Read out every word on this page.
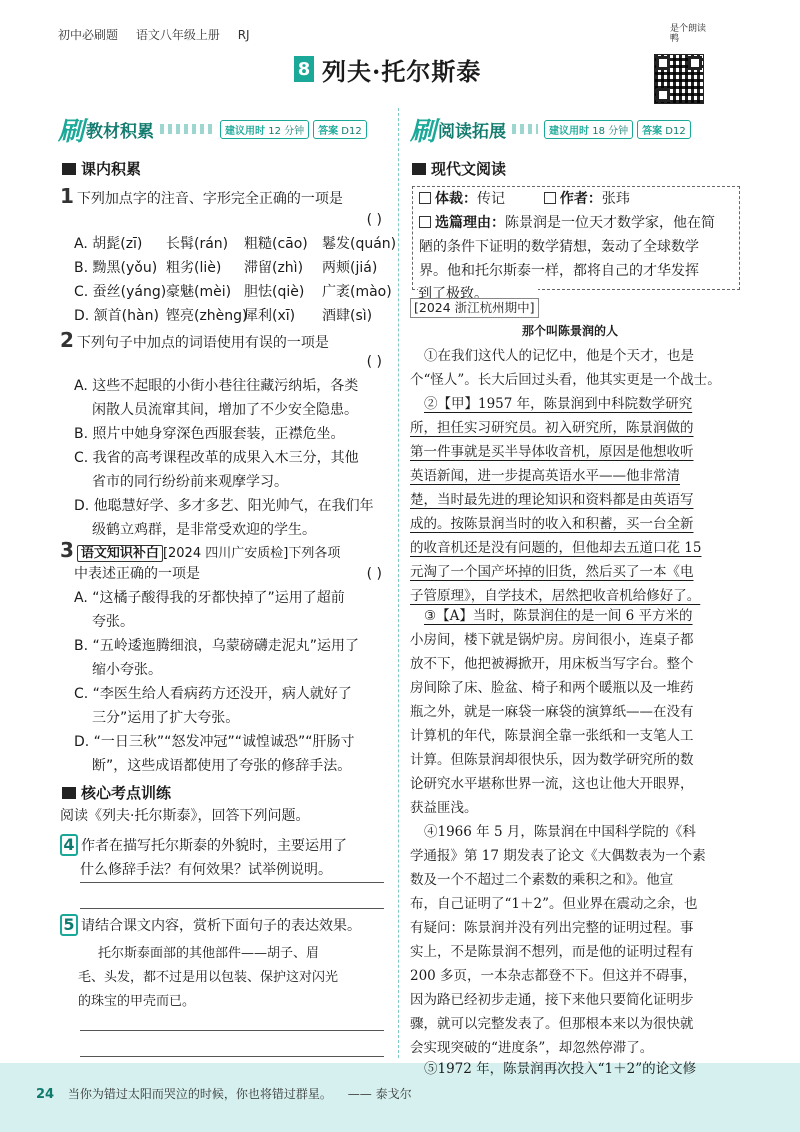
初中必刷题 语文八年级上册 RJ
8 列夫·托尔斯泰
是个朗读鸭
刷 教材积累	建议用时 12 分钟	答案 D12
课内积累
1 下列加点字的注音、字形完全正确的一项是
( )
A. 胡髭(zī) 长髯(rán) 粗糙(cāo) 鬈发(quán)
B. 黝黑(yǒu) 粗劣(liè) 滞留(zhì) 两颊(jiá)
C. 蚕丝(yáng)豪魅(mèi) 胆怯(qiè) 广袤(mào)
D. 颔首(hàn) 铿亮(zhèng)犀利(xī) 酒肆(sì)
2 下列句子中加点的词语使用有误的一项是
( )
A. 这些不起眼的小街小巷往往藏污纳垢，各类
闲散人员流窜其间，增加了不少安全隐患。
B. 照片中她身穿深色西服套装，正襟危坐。
C. 我省的高考课程改革的成果入木三分，其他
省市的同行纷纷前来观摩学习。
D. 他聪慧好学、多才多艺、阳光帅气，在我们年
级鹤立鸡群，是非常受欢迎的学生。
3 语文知识补白 [2024 四川广安质检]下列各项
中表述正确的一项是	( )
A. “这橘子酸得我的牙都快掉了”运用了超前
夸张。
B. “五岭逶迤腾细浪，乌蒙磅礴走泥丸”运用了
缩小夸张。
C. “李医生给人看病药方还没开，病人就好了
三分”运用了扩大夸张。
D. “一日三秋”“怒发冲冠”“诚惶诚恐”“肝肠寸
断”，这些成语都使用了夸张的修辞手法。
核心考点训练
阅读《列夫·托尔斯泰》，回答下列问题。
4 作者在描写托尔斯泰的外貌时，主要运用了
什么修辞手法？有何效果？试举例说明。
5 请结合课文内容，赏析下面句子的表达效果。
托尔斯泰面部的其他部件——胡子、眉
毛、头发，都不过是用以包装、保护这对闪光
的珠宝的甲壳而已。
刷 阅读拓展	建议用时 18 分钟	答案 D12
现代文阅读
体裁：传记	作者：张玮
选篇理由：陈景润是一位天才数学家，他在简
陋的条件下证明的数学猜想，轰动了全球数学
界。他和托尔斯泰一样，都将自己的才华发挥
到了极致。
[2024 浙江杭州期中]
那个叫陈景润的人
①在我们这代人的记忆中，他是个天才，也是
个“怪人”。长大后回过头看，他其实更是一个战士。
②【甲】1957 年，陈景润到中科院数学研究
所，担任实习研究员。初入研究所，陈景润做的
第一件事就是买半导体收音机，原因是他想收听
英语新闻，进一步提高英语水平——他非常清
楚，当时最先进的理论知识和资料都是由英语写
成的。按陈景润当时的收入和积蓄，买一台全新
的收音机还是没有问题的，但他却去五道口花 15
元淘了一个国产坏掉的旧货，然后买了一本《电
子管原理》，自学技术，居然把收音机给修好了。
③【A】当时，陈景润住的是一间 6 平方米的
小房间，楼下就是锅炉房。房间很小，连桌子都
放不下，他把被褥掀开，用床板当写字台。整个
房间除了床、脸盆、椅子和两个暖瓶以及一堆药
瓶之外，就是一麻袋一麻袋的演算纸——在没有
计算机的年代，陈景润全靠一张纸和一支笔人工
计算。但陈景润却很快乐，因为数学研究所的数
论研究水平堪称世界一流，这也让他大开眼界，
获益匪浅。
④1966 年 5 月，陈景润在中国科学院的《科
学通报》第 17 期发表了论文《大偶数表为一个素
数及一个不超过二个素数的乘积之和》。他宣
布，自己证明了“1＋2”。但业界在震动之余，也
有疑问：陈景润并没有列出完整的证明过程。事
实上，不是陈景润不想列，而是他的证明过程有
200 多页，一本杂志都登不下。但这并不碍事，
因为路已经初步走通，接下来他只要简化证明步
骤，就可以完整发表了。但那根本来以为很快就
会实现突破的“进度条”，却忽然停滞了。
⑤1972 年，陈景润再次投入“1＋2”的论文修
24 当你为错过太阳而哭泣的时候，你也将错过群星。 —— 泰戈尔
